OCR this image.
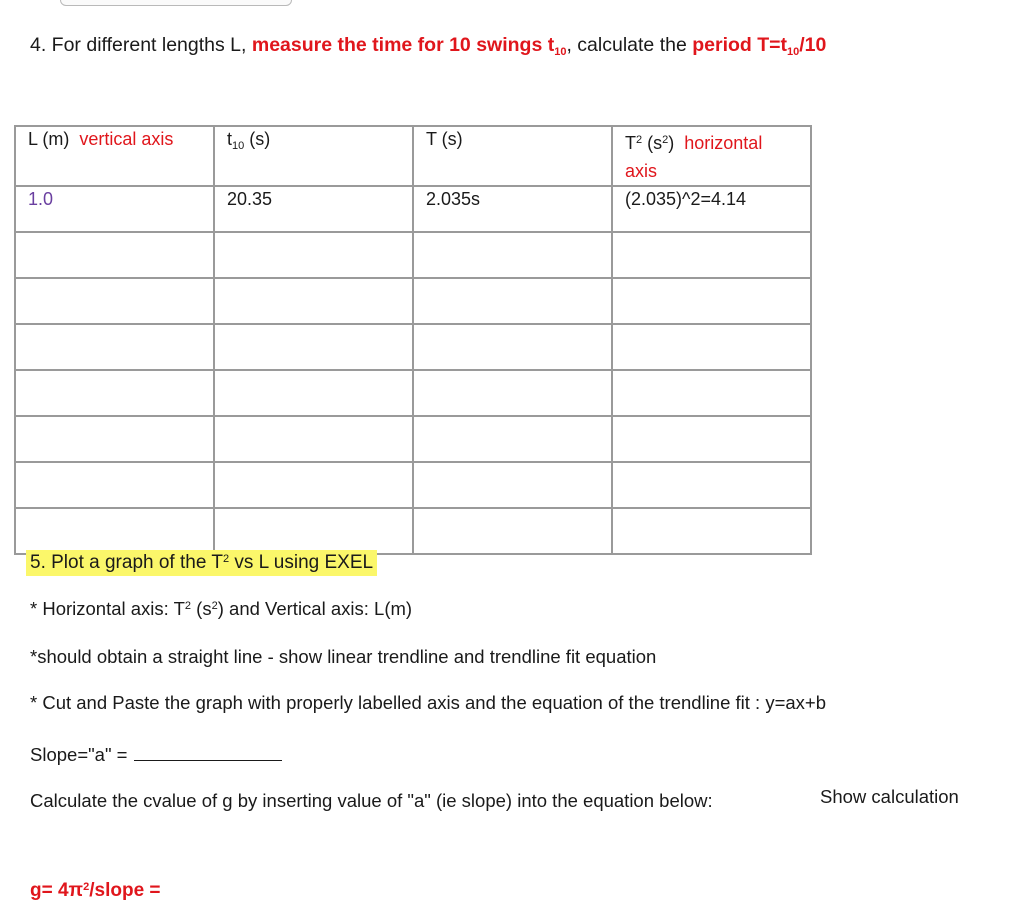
4. For different lengths L, measure the time for 10 swings $t_{10}$, calculate the period $T=t_{10}/10$
L (m) vertical axis	$t_{10}$ (s)	T (s)	$T^2$ $(s^2)$ horizontal axis
1.0	20.35	2.035s	(2.035)^2=4.14

5. Plot a graph of the $T^2$ vs L using EXEL
* Horizontal axis: $T^2$ $(s^2)$ and Vertical axis: L(m)
*should obtain a straight line - show linear trendline and trendline fit equation
* Cut and Paste the graph with properly labelled axis and the equation of the trendline fit : y=ax+b
Slope="a" =
Calculate the cvalue of g by inserting value of "a" (ie slope) into the equation below:	Show calculation
$g= 4\pi^2$/slope =
